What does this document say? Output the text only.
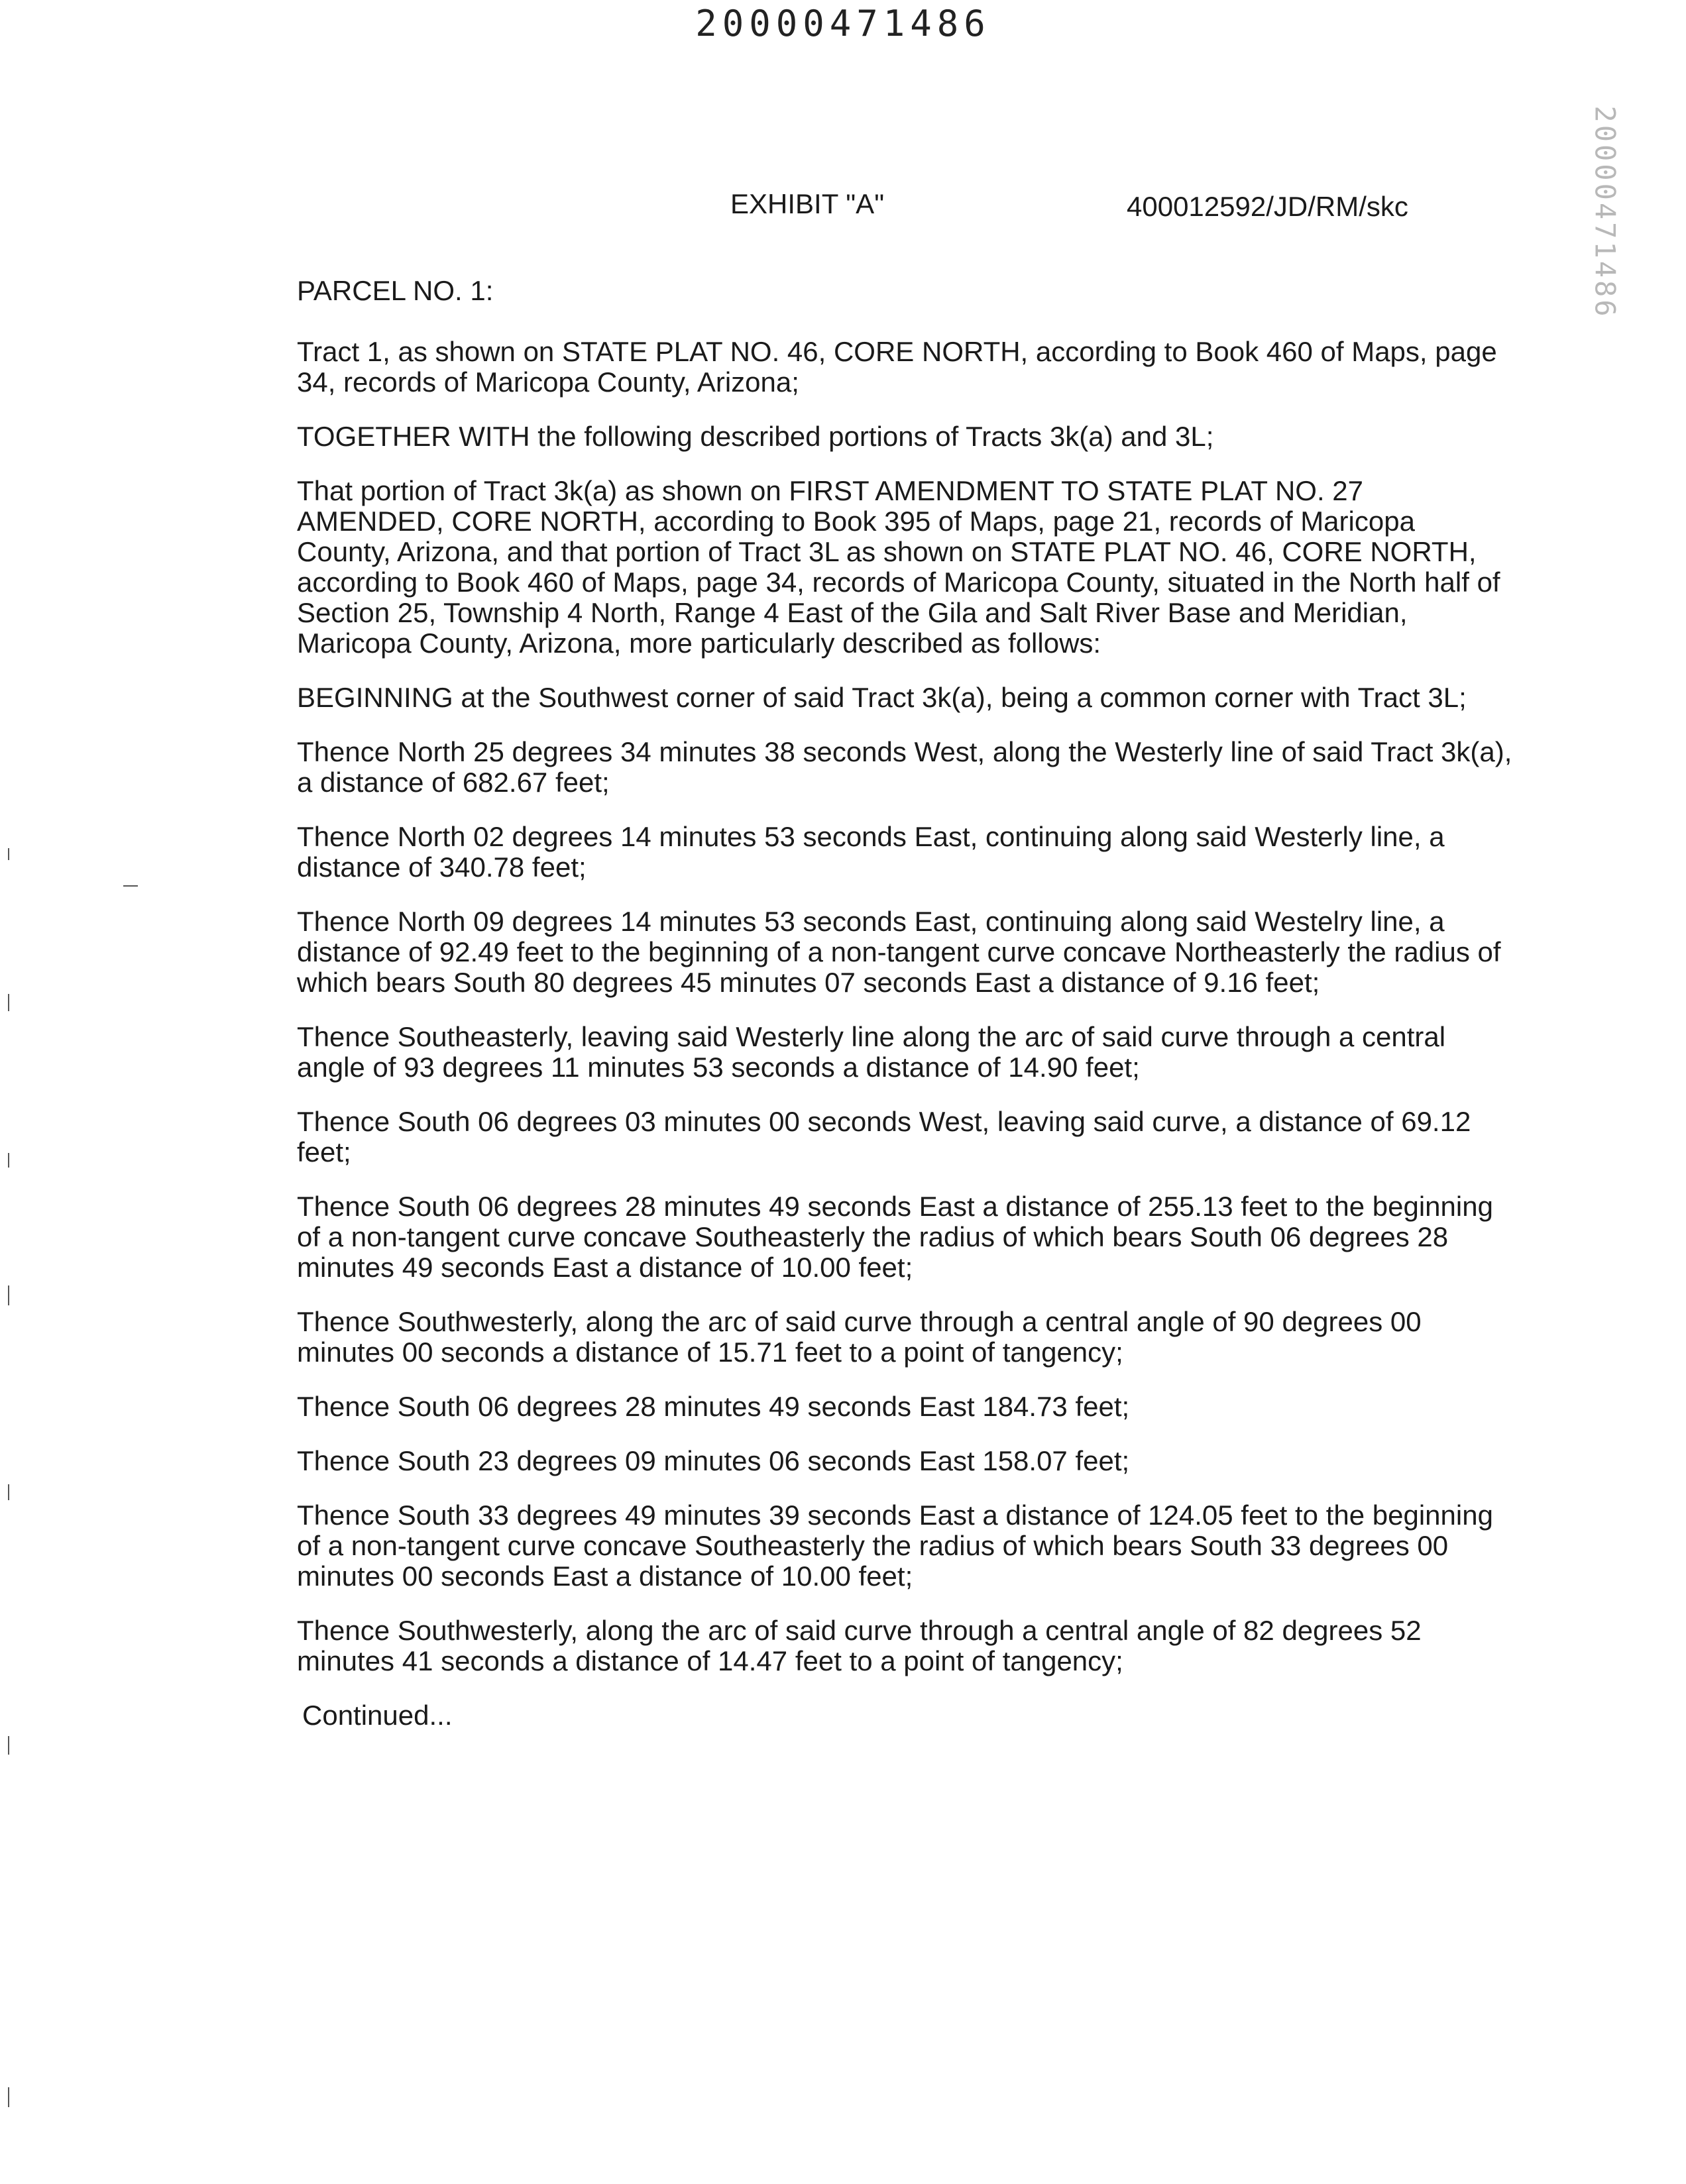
20000471486
20000471486
EXHIBIT "A"	400012592/JD/RM/skc

PARCEL NO. 1:

Tract 1, as shown on STATE PLAT NO. 46, CORE NORTH, according to Book 460 of Maps, page 34, records of Maricopa County, Arizona;

TOGETHER WITH the following described portions of Tracts 3k(a) and 3L;

That portion of Tract 3k(a) as shown on FIRST AMENDMENT TO STATE PLAT NO. 27 AMENDED, CORE NORTH, according to Book 395 of Maps, page 21, records of Maricopa County, Arizona, and that portion of Tract 3L as shown on STATE PLAT NO. 46, CORE NORTH, according to Book 460 of Maps, page 34, records of Maricopa County, situated in the North half of Section 25, Township 4 North, Range 4 East of the Gila and Salt River Base and Meridian, Maricopa County, Arizona, more particularly described as follows:

BEGINNING at the Southwest corner of said Tract 3k(a), being a common corner with Tract 3L;

Thence North 25 degrees 34 minutes 38 seconds West, along the Westerly line of said Tract 3k(a), a distance of 682.67 feet;

Thence North 02 degrees 14 minutes 53 seconds East, continuing along said Westerly line, a distance of 340.78 feet;

Thence North 09 degrees 14 minutes 53 seconds East, continuing along said Westelry line, a distance of 92.49 feet to the beginning of a non-tangent curve concave Northeasterly the radius of which bears South 80 degrees 45 minutes 07 seconds East a distance of 9.16 feet;

Thence Southeasterly, leaving said Westerly line along the arc of said curve through a central angle of 93 degrees 11 minutes 53 seconds a distance of 14.90 feet;

Thence South 06 degrees 03 minutes 00 seconds West, leaving said curve, a distance of 69.12 feet;

Thence South 06 degrees 28 minutes 49 seconds East a distance of 255.13 feet to the beginning of a non-tangent curve concave Southeasterly the radius of which bears South 06 degrees 28 minutes 49 seconds East a distance of 10.00 feet;

Thence Southwesterly, along the arc of said curve through a central angle of 90 degrees 00 minutes 00 seconds a distance of 15.71 feet to a point of tangency;

Thence South 06 degrees 28 minutes 49 seconds East 184.73 feet;

Thence South 23 degrees 09 minutes 06 seconds East 158.07 feet;

Thence South 33 degrees 49 minutes 39 seconds East a distance of 124.05 feet to the beginning of a non-tangent curve concave Southeasterly the radius of which bears South 33 degrees 00 minutes 00 seconds East a distance of 10.00 feet;

Thence Southwesterly, along the arc of said curve through a central angle of 82 degrees 52 minutes 41 seconds a distance of 14.47 feet to a point of tangency;

Continued...
